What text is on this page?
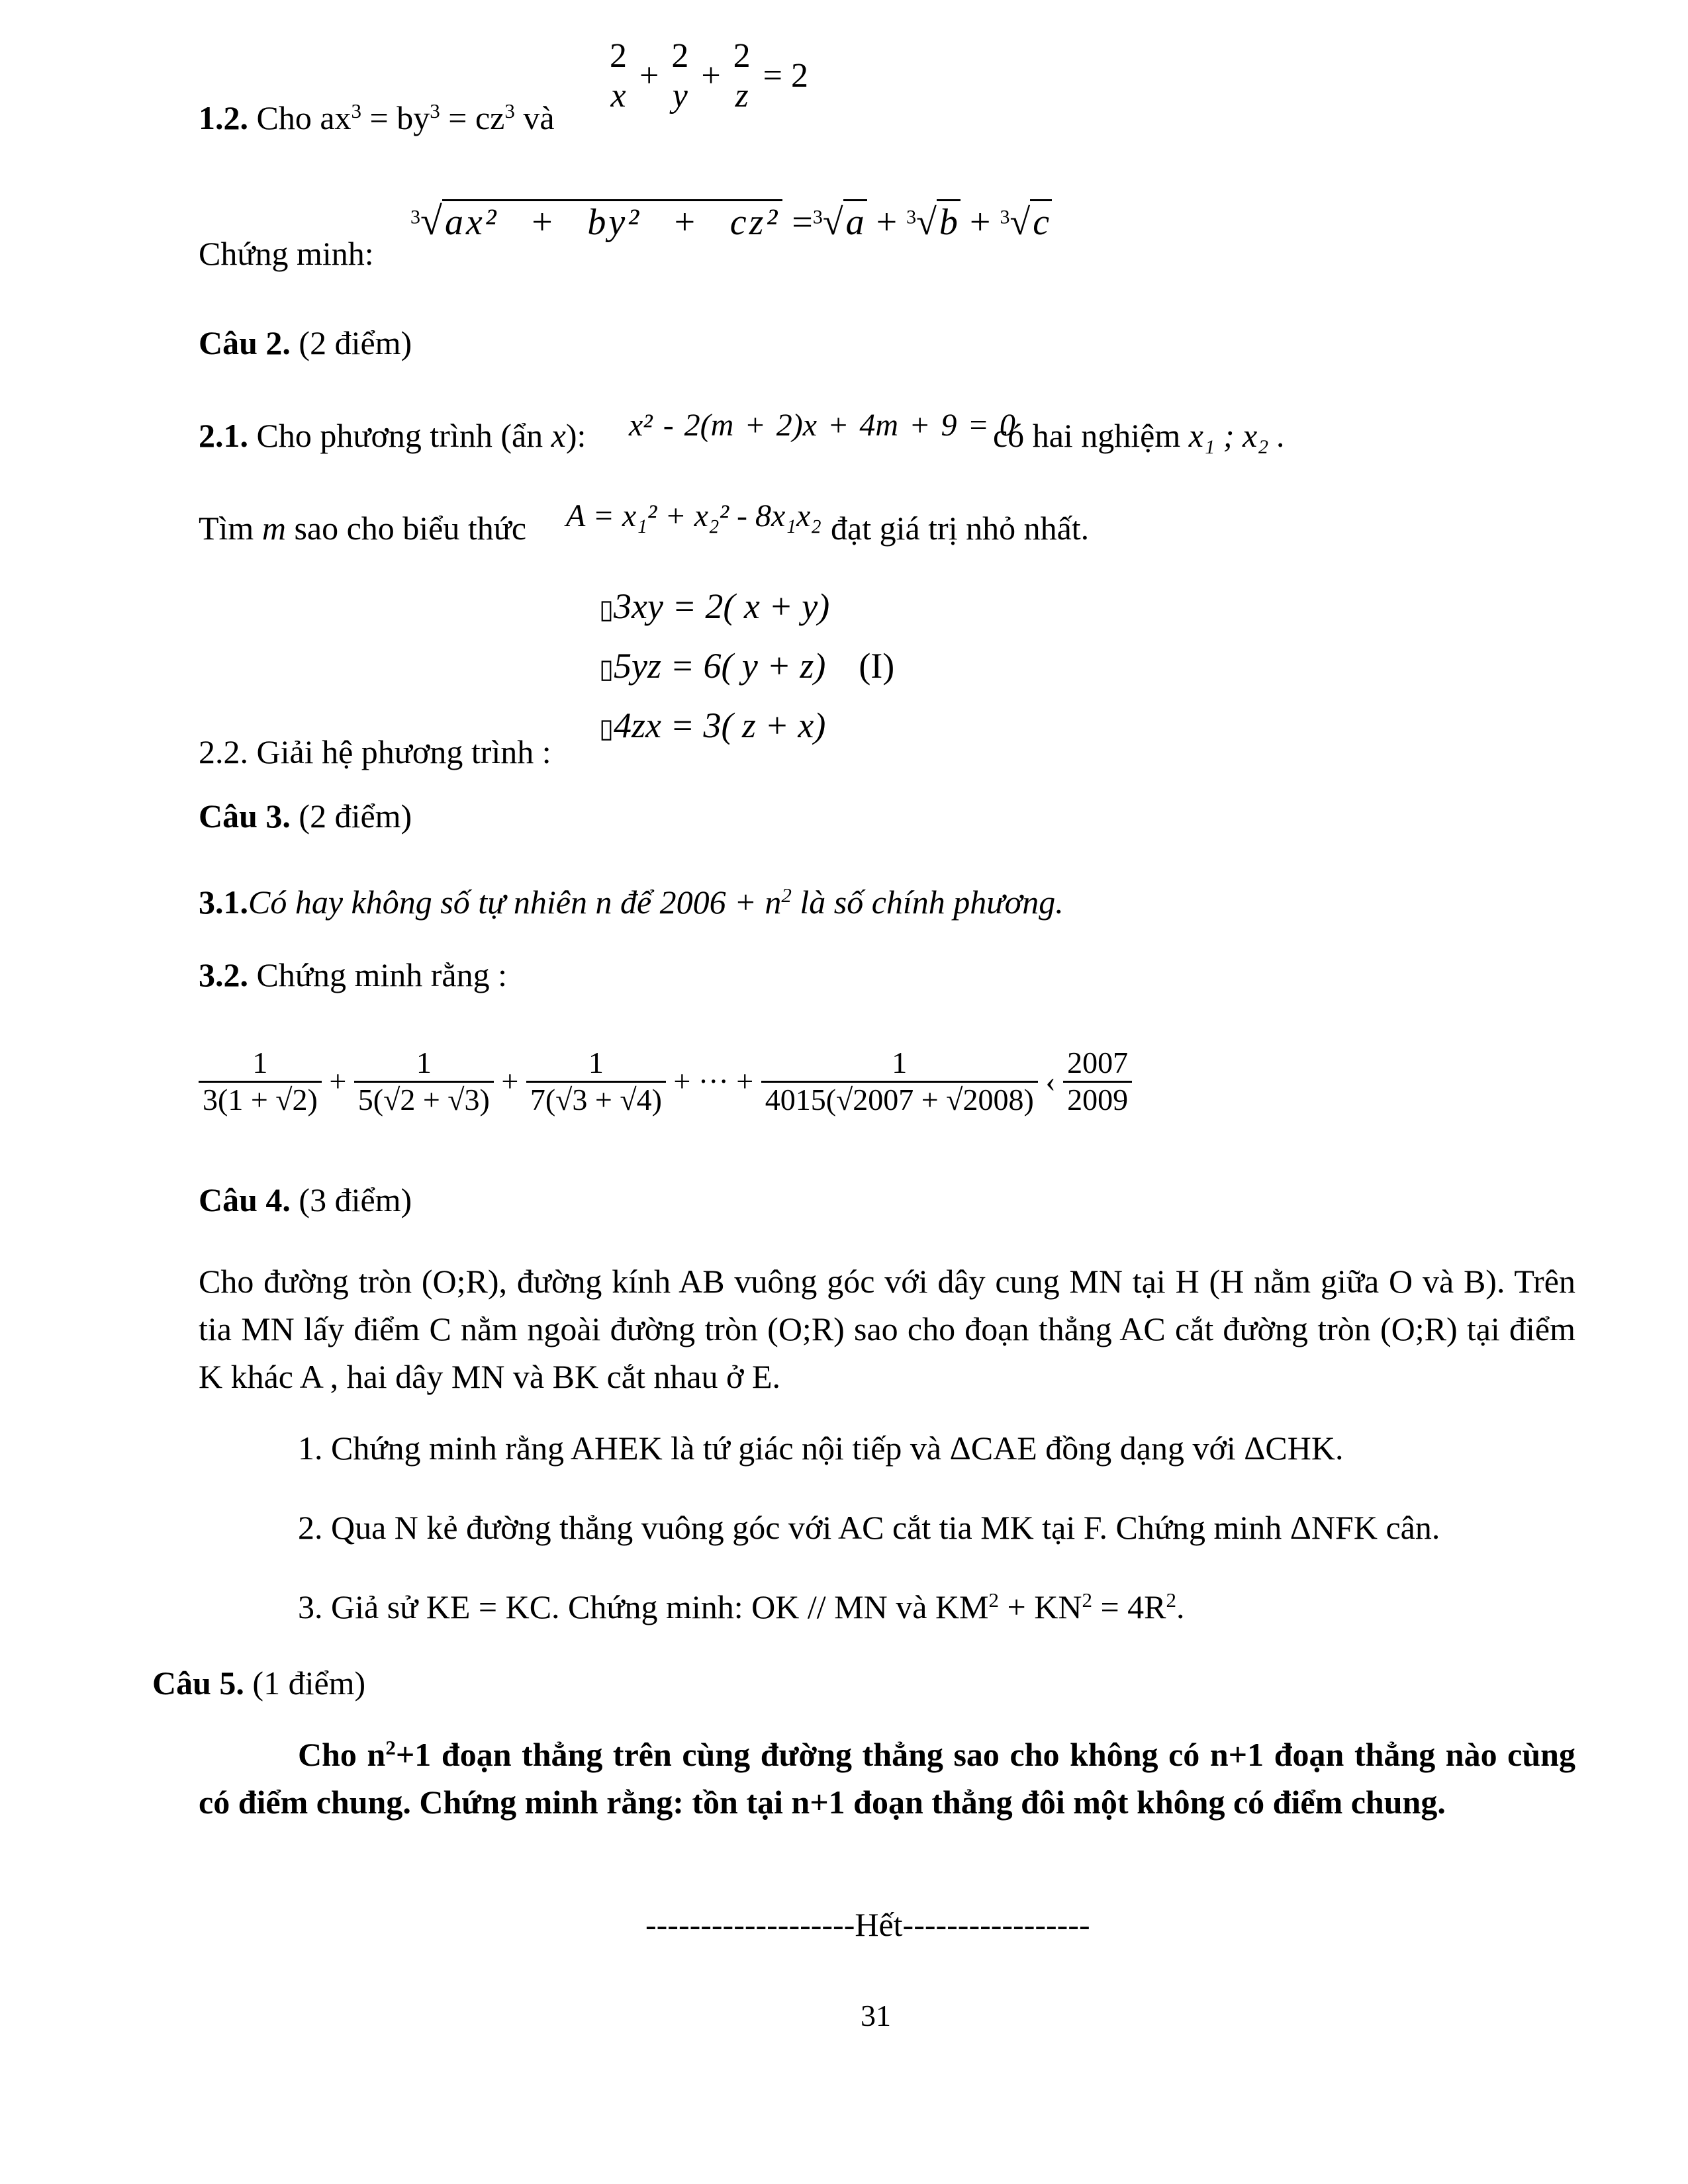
1.2. Cho $ax^3 = by^3 = cz^3$ và
2
x
+
2
y
+
2
z
= 2
Chứng minh:
$^3$√ax² + by² + cz² =$^3$√a + $^3$√b + $^3$√c
Câu 2. (2 điểm)
2.1. Cho phương trình (ẩn x): x² - 2(m + 2)x + 4m + 9 = 0
có hai nghiệm x₁ ; x₂ .
Tìm m sao cho biểu thức A = x₁² + x₂² - 8x₁x₂ đạt giá trị nhỏ nhất.
▯3xy = 2( x + y)
▯5yz = 6( y + z) (I)
▯4zx = 3( z + x)
2.2. Giải hệ phương trình :
Câu 3. (2 điểm)
3.1.Có hay không số tự nhiên n để $2006 + n^2$ là số chính phương.
3.2. Chứng minh rằng :
$\frac{1}{3(1 + √2)} + \frac{1}{5(√2 + √3)} + \frac{1}{7(√3 + √4)}$ + ··· + $\frac{1}{4015(√2007 + √2008)}$ ‹ $\frac{2007}{2009}$
Câu 4. (3 điểm)
Cho đường tròn (O;R), đường kính AB vuông góc với dây cung MN tại H (H nằm giữa O và B). Trên tia MN lấy điểm C nằm ngoài đường tròn (O;R) sao cho đoạn thẳng AC cắt đường tròn (O;R) tại điểm K khác A , hai dây MN và BK cắt nhau ở E.
1. Chứng minh rằng AHEK là tứ giác nội tiếp và ΔCAE đồng dạng với ΔCHK.
2. Qua N kẻ đường thẳng vuông góc với AC cắt tia MK tại F. Chứng minh ΔNFK cân.
3. Giả sử KE = KC. Chứng minh: OK // MN và $KM^2 + KN^2 = 4R^2$.
Câu 5. (1 điểm)
Cho $n^2+1$ đoạn thẳng trên cùng đường thẳng sao cho không có n+1 đoạn thẳng nào cùng có điểm chung. Chứng minh rằng: tồn tại n+1 đoạn thẳng đôi một không có điểm chung.
-------------------Hết-----------------
31
